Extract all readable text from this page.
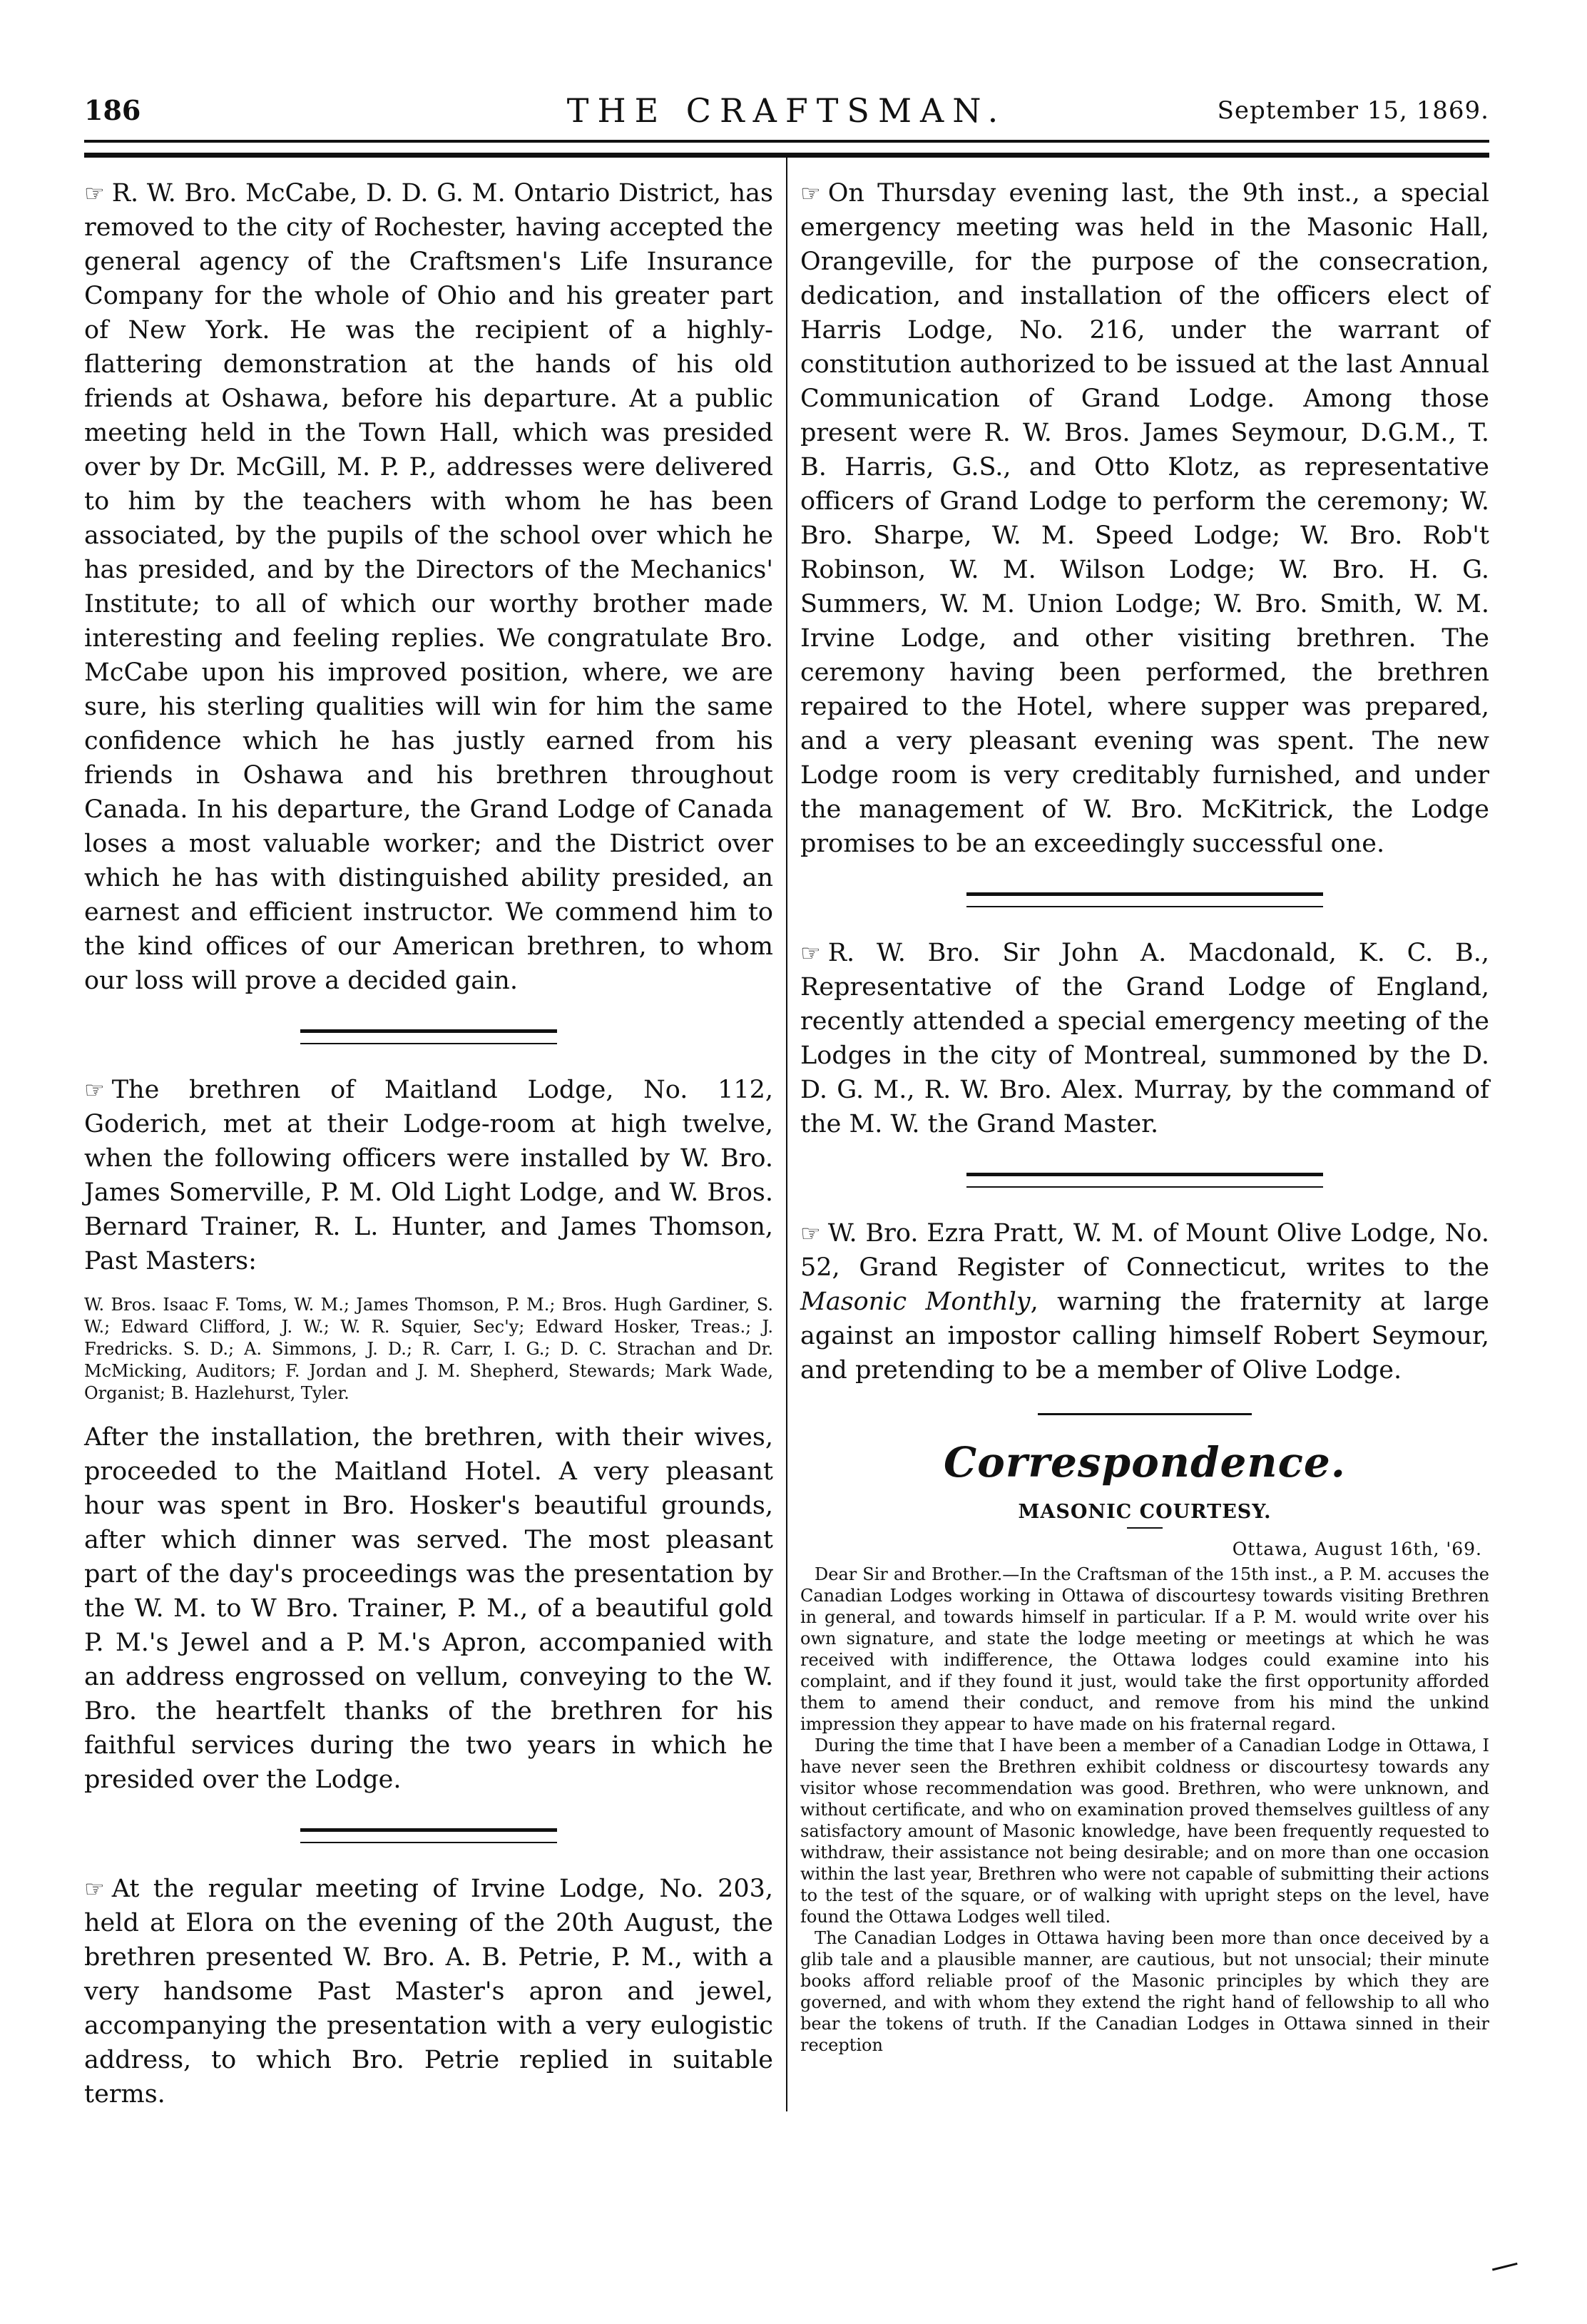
186	THE CRAFTSMAN.	September 15, 1869.

☞ R. W. Bro. McCabe, D. D. G. M. Ontario District, has removed to the city of Rochester, having accepted the general agency of the Craftsmen's Life Insurance Company for the whole of Ohio and his greater part of New York. He was the recipient of a highly-flattering demonstration at the hands of his old friends at Oshawa, before his departure. At a public meeting held in the Town Hall, which was presided over by Dr. McGill, M. P. P., addresses were delivered to him by the teachers with whom he has been associated, by the pupils of the school over which he has presided, and by the Directors of the Mechanics' Institute; to all of which our worthy brother made interesting and feeling replies. We congratulate Bro. McCabe upon his improved position, where, we are sure, his sterling qualities will win for him the same confidence which he has justly earned from his friends in Oshawa and his brethren throughout Canada. In his departure, the Grand Lodge of Canada loses a most valuable worker; and the District over which he has with distinguished ability presided, an earnest and efficient instructor. We commend him to the kind offices of our American brethren, to whom our loss will prove a decided gain.

☞ The brethren of Maitland Lodge, No. 112, Goderich, met at their Lodge-room at high twelve, when the following officers were installed by W. Bro. James Somerville, P. M. Old Light Lodge, and W. Bros. Bernard Trainer, R. L. Hunter, and James Thomson, Past Masters:

W. Bros. Isaac F. Toms, W. M.; James Thomson, P. M.; Bros. Hugh Gardiner, S. W.; Edward Clifford, J. W.; W. R. Squier, Sec'y; Edward Hosker, Treas.; J. Fredricks. S. D.; A. Simmons, J. D.; R. Carr, I. G.; D. C. Strachan and Dr. McMicking, Auditors; F. Jordan and J. M. Shepherd, Stewards; Mark Wade, Organist; B. Hazlehurst, Tyler.

After the installation, the brethren, with their wives, proceeded to the Maitland Hotel. A very pleasant hour was spent in Bro. Hosker's beautiful grounds, after which dinner was served. The most pleasant part of the day's proceedings was the presentation by the W. M. to W Bro. Trainer, P. M., of a beautiful gold P. M.'s Jewel and a P. M.'s Apron, accompanied with an address engrossed on vellum, conveying to the W. Bro. the heartfelt thanks of the brethren for his faithful services during the two years in which he presided over the Lodge.

☞ At the regular meeting of Irvine Lodge, No. 203, held at Elora on the evening of the 20th August, the brethren presented W. Bro. A. B. Petrie, P. M., with a very handsome Past Master's apron and jewel, accompanying the presentation with a very eulogistic address, to which Bro. Petrie replied in suitable terms.

☞ On Thursday evening last, the 9th inst., a special emergency meeting was held in the Masonic Hall, Orangeville, for the purpose of the consecration, dedication, and installation of the officers elect of Harris Lodge, No. 216, under the warrant of constitution authorized to be issued at the last Annual Communication of Grand Lodge. Among those present were R. W. Bros. James Seymour, D.G.M., T. B. Harris, G.S., and Otto Klotz, as representative officers of Grand Lodge to perform the ceremony; W. Bro. Sharpe, W. M. Speed Lodge; W. Bro. Rob't Robinson, W. M. Wilson Lodge; W. Bro. H. G. Summers, W. M. Union Lodge; W. Bro. Smith, W. M. Irvine Lodge, and other visiting brethren. The ceremony having been performed, the brethren repaired to the Hotel, where supper was prepared, and a very pleasant evening was spent. The new Lodge room is very creditably furnished, and under the management of W. Bro. McKitrick, the Lodge promises to be an exceedingly successful one.

☞ R. W. Bro. Sir John A. Macdonald, K. C. B., Representative of the Grand Lodge of England, recently attended a special emergency meeting of the Lodges in the city of Montreal, summoned by the D. D. G. M., R. W. Bro. Alex. Murray, by the command of the M. W. the Grand Master.

☞ W. Bro. Ezra Pratt, W. M. of Mount Olive Lodge, No. 52, Grand Register of Connecticut, writes to the Masonic Monthly, warning the fraternity at large against an impostor calling himself Robert Seymour, and pretending to be a member of Olive Lodge.

Correspondence.
MASONIC COURTESY.
Ottawa, August 16th, '69.

Dear Sir and Brother.—In the Craftsman of the 15th inst., a P. M. accuses the Canadian Lodges working in Ottawa of discourtesy towards visiting Brethren in general, and towards himself in particular. If a P. M. would write over his own signature, and state the lodge meeting or meetings at which he was received with indifference, the Ottawa lodges could examine into his complaint, and if they found it just, would take the first opportunity afforded them to amend their conduct, and remove from his mind the unkind impression they appear to have made on his fraternal regard.

During the time that I have been a member of a Canadian Lodge in Ottawa, I have never seen the Brethren exhibit coldness or discourtesy towards any visitor whose recommendation was good. Brethren, who were unknown, and without certificate, and who on examination proved themselves guiltless of any satisfactory amount of Masonic knowledge, have been frequently requested to withdraw, their assistance not being desirable; and on more than one occasion within the last year, Brethren who were not capable of submitting their actions to the test of the square, or of walking with upright steps on the level, have found the Ottawa Lodges well tiled.

The Canadian Lodges in Ottawa having been more than once deceived by a glib tale and a plausible manner, are cautious, but not unsocial; their minute books afford reliable proof of the Masonic principles by which they are governed, and with whom they extend the right hand of fellowship to all who bear the tokens of truth. If the Canadian Lodges in Ottawa sinned in their reception
